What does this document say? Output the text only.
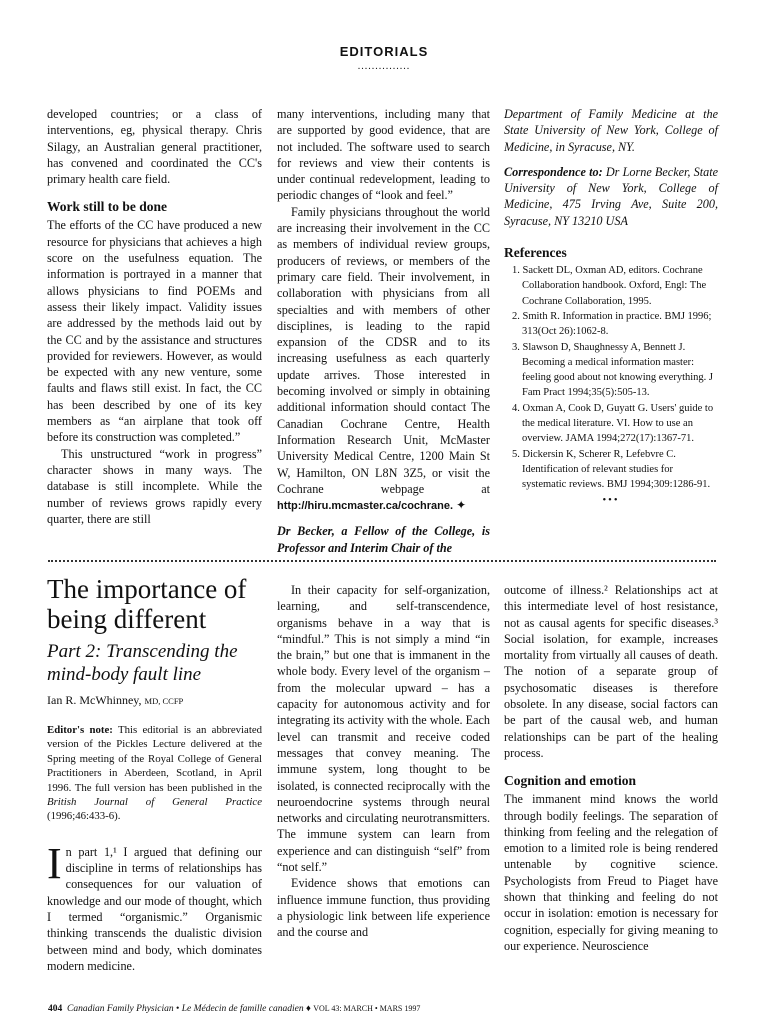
EDITORIALS
...............

developed countries; or a class of interventions, eg, physical therapy. Chris Silagy, an Australian general practitioner, has convened and coordinated the CC's primary health care field.

Work still to be done

The efforts of the CC have produced a new resource for physicians that achieves a high score on the usefulness equation. The information is portrayed in a manner that allows physicians to find POEMs and assess their likely impact. Validity issues are addressed by the methods laid out by the CC and by the assistance and structures provided for reviewers. However, as would be expected with any new venture, some faults and flaws still exist. In fact, the CC has been described by one of its key members as “an airplane that took off before its construction was completed.”

This unstructured “work in progress” character shows in many ways. The database is still incomplete. While the number of reviews grows rapidly every quarter, there are still

many interventions, including many that are supported by good evidence, that are not included. The software used to search for reviews and view their contents is under continual redevelopment, leading to periodic changes of “look and feel.”

Family physicians throughout the world are increasing their involvement in the CC as members of individual review groups, producers of reviews, or members of the primary care field. Their involvement, in collaboration with physicians from all specialties and with members of other disciplines, is leading to the rapid expansion of the CDSR and to its increasing usefulness as each quarterly update arrives. Those interested in becoming involved or simply in obtaining additional information should contact The Canadian Cochrane Centre, Health Information Research Unit, McMaster University Medical Centre, 1200 Main St W, Hamilton, ON L8N 3Z5, or visit the Cochrane webpage at http://hiru.mcmaster.ca/cochrane. ✦

Dr Becker, a Fellow of the College, is Professor and Interim Chair of the

Department of Family Medicine at the State University of New York, College of Medicine, in Syracuse, NY.

Correspondence to: Dr Lorne Becker, State University of New York, College of Medicine, 475 Irving Ave, Suite 200, Syracuse, NY 13210 USA

References
1. Sackett DL, Oxman AD, editors. Cochrane Collaboration handbook. Oxford, Engl: The Cochrane Collaboration, 1995.
2. Smith R. Information in practice. BMJ 1996; 313(Oct 26):1062-8.
3. Slawson D, Shaughnessy A, Bennett J. Becoming a medical information master: feeling good about not knowing everything. J Fam Pract 1994;35(5):505-13.
4. Oxman A, Cook D, Guyatt G. Users' guide to the medical literature. VI. How to use an overview. JAMA 1994;272(17):1367-71.
5. Dickersin K, Scherer R, Lefebvre C. Identification of relevant studies for systematic reviews. BMJ 1994;309:1286-91.
•••
The importance of
being different
Part 2: Transcending the
mind-body fault line
Ian R. McWhinney, MD, CCFP

Editor's note: This editorial is an abbreviated version of the Pickles Lecture delivered at the Spring meeting of the Royal College of General Practitioners in Aberdeen, Scotland, in April 1996. The full version has been published in the British Journal of General Practice (1996;46:433-6).

In part 1,¹ I argued that defining our discipline in terms of relationships has consequences for our valuation of knowledge and our mode of thought, which I termed “organismic.” Organismic thinking transcends the dualistic division between mind and body, which dominates modern medicine.

In their capacity for self-organization, learning, and self-transcendence, organisms behave in a way that is “mindful.” This is not simply a mind “in the brain,” but one that is immanent in the whole body. Every level of the organism – from the molecular upward – has a capacity for autonomous activity and for integrating its activity with the whole. Each level can transmit and receive coded messages that convey meaning. The immune system, long thought to be isolated, is connected reciprocally with the neuroendocrine systems through neural networks and circulating neurotransmitters. The immune system can learn from experience and can distinguish “self” from “not self.”

Evidence shows that emotions can influence immune function, thus providing a physiologic link between life experience and the course and

outcome of illness.² Relationships act at this intermediate level of host resistance, not as causal agents for specific diseases.³ Social isolation, for example, increases mortality from virtually all causes of death. The notion of a separate group of psychosomatic diseases is therefore obsolete. In any disease, social factors can be part of the causal web, and human relationships can be part of the healing process.

Cognition and emotion

The immanent mind knows the world through bodily feelings. The separation of thinking from feeling and the relegation of emotion to a limited role is being rendered untenable by cognitive science. Psychologists from Freud to Piaget have shown that thinking and feeling do not occur in isolation: emotion is necessary for cognition, especially for giving meaning to our experience. Neuroscience

404 Canadian Family Physician • Le Médecin de famille canadien ♦ VOL 43: MARCH • MARS 1997
